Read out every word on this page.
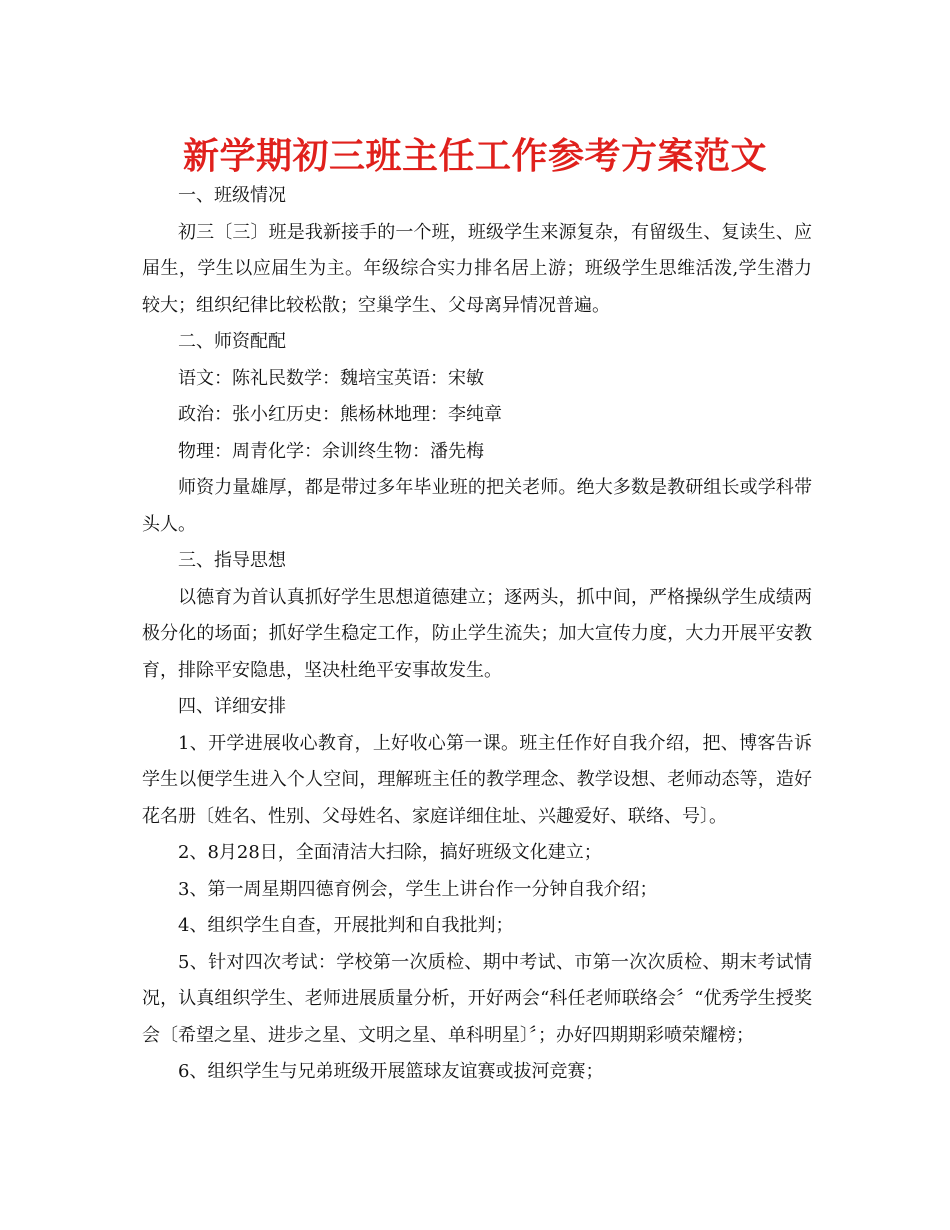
新学期初三班主任工作参考方案范文

一、班级情况

初三〔三〕班是我新接手的一个班，班级学生来源复杂，有留级生、复读生、应届生，学生以应届生为主。年级综合实力排名居上游；班级学生思维活泼,学生潜力较大；组织纪律比较松散；空巢学生、父母离异情况普遍。

二、师资配配

语文：陈礼民数学：魏培宝英语：宋敏

政治：张小红历史：熊杨林地理：李纯章

物理：周青化学：余训终生物：潘先梅

师资力量雄厚，都是带过多年毕业班的把关老师。绝大多数是教研组长或学科带头人。

三、指导思想

以德育为首认真抓好学生思想道德建立；逐两头，抓中间，严格操纵学生成绩两极分化的场面；抓好学生稳定工作，防止学生流失；加大宣传力度，大力开展平安教育，排除平安隐患，坚决杜绝平安事故发生。

四、详细安排

1、开学进展收心教育，上好收心第一课。班主任作好自我介绍，把、博客告诉学生以便学生进入个人空间，理解班主任的教学理念、教学设想、老师动态等，造好花名册〔姓名、性别、父母姓名、家庭详细住址、兴趣爱好、联络、号〕。

2、8月28日，全面清洁大扫除，搞好班级文化建立；

3、第一周星期四德育例会，学生上讲台作一分钟自我介绍；

4、组织学生自查，开展批判和自我批判；

5、针对四次考试：学校第一次质检、期中考试、市第一次次质检、期末考试情况，认真组织学生、老师进展质量分析，开好两会“科任老师联络会〞“优秀学生授奖会〔希望之星、进步之星、文明之星、单科明星〕〞；办好四期期彩喷荣耀榜；

6、组织学生与兄弟班级开展篮球友谊赛或拔河竞赛；
